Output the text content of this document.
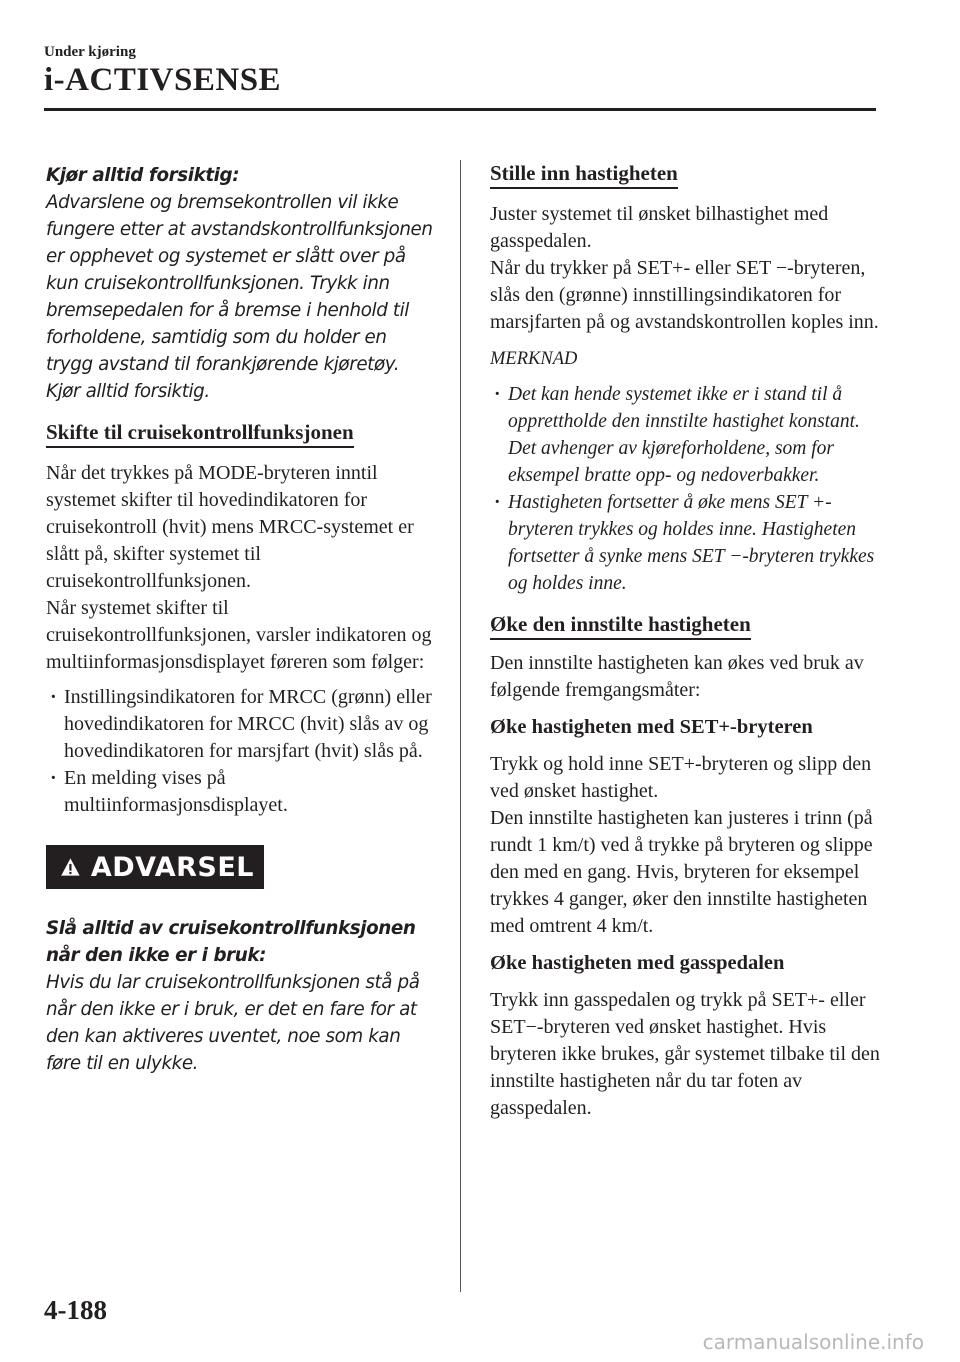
Under kjøring
i-ACTIVSENSE

Kjør alltid forsiktig:
Advarslene og bremsekontrollen vil ikke fungere etter at avstandskontrollfunksjonen er opphevet og systemet er slått over på kun cruisekontrollfunksjonen. Trykk inn bremsepedalen for å bremse i henhold til forholdene, samtidig som du holder en trygg avstand til forankjørende kjøretøy. Kjør alltid forsiktig.

Skifte til cruisekontrollfunksjonen

Når det trykkes på MODE-bryteren inntil systemet skifter til hovedindikatoren for cruisekontroll (hvit) mens MRCC-systemet er slått på, skifter systemet til cruisekontrollfunksjonen.

Når systemet skifter til cruisekontrollfunksjonen, varsler indikatoren og multiinformasjonsdisplayet føreren som følger:

· Instillingsindikatoren for MRCC (grønn) eller hovedindikatoren for MRCC (hvit) slås av og hovedindikatoren for marsjfart (hvit) slås på.
· En melding vises på multiinformasjonsdisplayet.
ADVARSEL

Slå alltid av cruisekontrollfunksjonen når den ikke er i bruk:
Hvis du lar cruisekontrollfunksjonen stå på når den ikke er i bruk, er det en fare for at den kan aktiveres uventet, noe som kan føre til en ulykke.

Stille inn hastigheten

Juster systemet til ønsket bilhastighet med gasspedalen.

Når du trykker på SET+- eller SET −-bryteren, slås den (grønne) innstillingsindikatoren for marsjfarten på og avstandskontrollen koples inn.

MERKNAD

· Det kan hende systemet ikke er i stand til å opprettholde den innstilte hastighet konstant. Det avhenger av kjøreforholdene, som for eksempel bratte opp- og nedoverbakker.
· Hastigheten fortsetter å øke mens SET +-bryteren trykkes og holdes inne. Hastigheten fortsetter å synke mens SET −-bryteren trykkes og holdes inne.
Øke den innstilte hastigheten

Den innstilte hastigheten kan økes ved bruk av følgende fremgangsmåter:

Øke hastigheten med SET+-bryteren

Trykk og hold inne SET+-bryteren og slipp den ved ønsket hastighet.

Den innstilte hastigheten kan justeres i trinn (på rundt 1 km/t) ved å trykke på bryteren og slippe den med en gang. Hvis, bryteren for eksempel trykkes 4 ganger, øker den innstilte hastigheten med omtrent 4 km/t.

Øke hastigheten med gasspedalen

Trykk inn gasspedalen og trykk på SET+- eller SET−-bryteren ved ønsket hastighet. Hvis bryteren ikke brukes, går systemet tilbake til den innstilte hastigheten når du tar foten av gasspedalen.

4-188
carmanualsonline.info
